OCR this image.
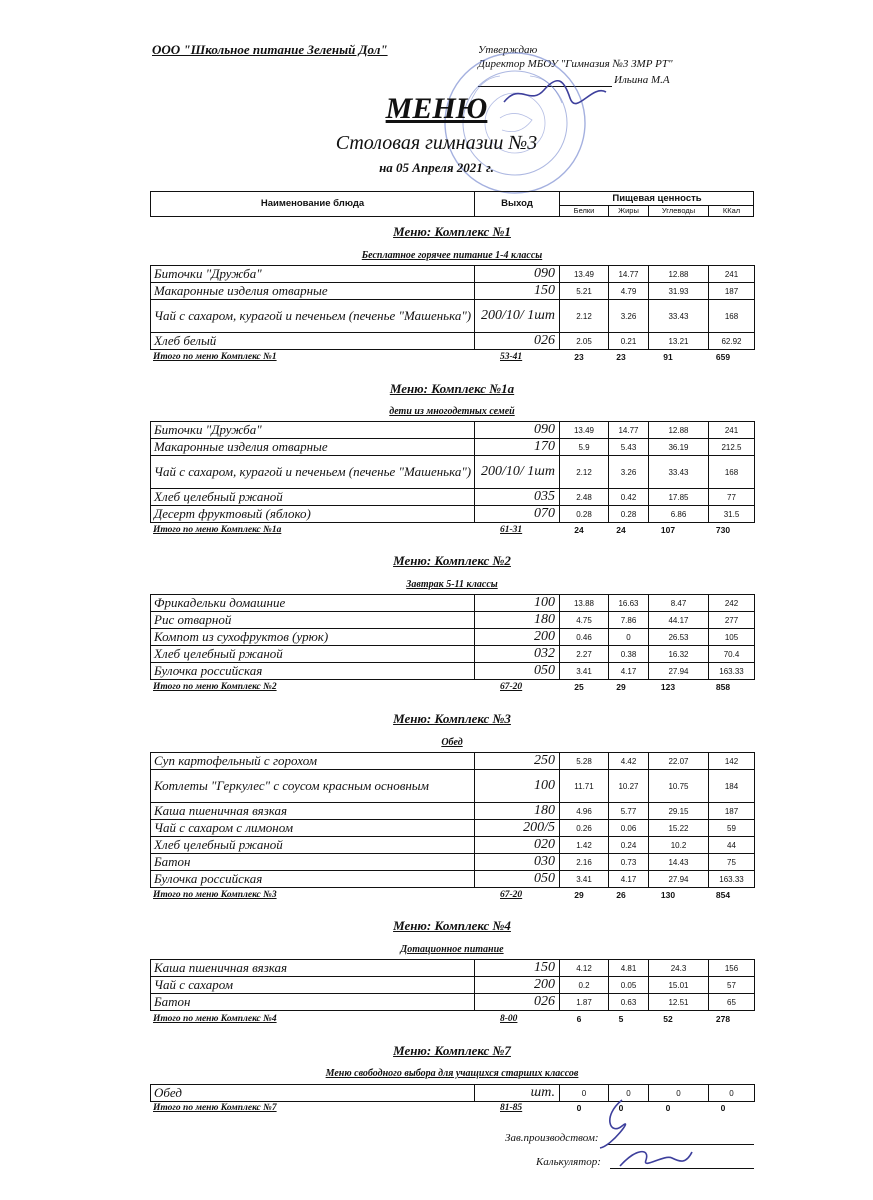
ООО "Школьное питание Зеленый Дол"	Утверждаю
Директор МБОУ "Гимназия №3 ЗМР РТ"
Ильина М.А
МЕНЮ
Столовая гимназии №3
на 05 Апреля 2021 г.
Наименование блюда	Выход	Пищевая ценность
Белки	Жиры	Углеводы	ККал
Меню: Комплекс №1
Бесплатное горячее питание 1-4 классы
Биточки "Дружба"	090	13.49	14.77	12.88	241
Макаронные изделия отварные	150	5.21	4.79	31.93	187
Чай с сахаром, курагой и печеньем (печенье "Машенька")	200/10/ 1шт	2.12	3.26	33.43	168
Хлеб белый	026	2.05	0.21	13.21	62.92
Итого по меню Комплекс №1	53-41	23	23	91	659
Меню: Комплекс №1а
дети из многодетных семей
Биточки "Дружба"	090	13.49	14.77	12.88	241
Макаронные изделия отварные	170	5.9	5.43	36.19	212.5
Чай с сахаром, курагой и печеньем (печенье "Машенька")	200/10/ 1шт	2.12	3.26	33.43	168
Хлеб целебный ржаной	035	2.48	0.42	17.85	77
Десерт фруктовый (яблоко)	070	0.28	0.28	6.86	31.5
Итого по меню Комплекс №1а	61-31	24	24	107	730
Меню: Комплекс №2
Завтрак 5-11 классы
Фрикадельки домашние	100	13.88	16.63	8.47	242
Рис отварной	180	4.75	7.86	44.17	277
Компот из сухофруктов (урюк)	200	0.46	0	26.53	105
Хлеб целебный ржаной	032	2.27	0.38	16.32	70.4
Булочка российская	050	3.41	4.17	27.94	163.33
Итого по меню Комплекс №2	67-20	25	29	123	858
Меню: Комплекс №3
Обед
Суп картофельный с горохом	250	5.28	4.42	22.07	142
Котлеты "Геркулес" с соусом красным основным	100	11.71	10.27	10.75	184
Каша пшеничная вязкая	180	4.96	5.77	29.15	187
Чай с сахаром с лимоном	200/5	0.26	0.06	15.22	59
Хлеб целебный ржаной	020	1.42	0.24	10.2	44
Батон	030	2.16	0.73	14.43	75
Булочка российская	050	3.41	4.17	27.94	163.33
Итого по меню Комплекс №3	67-20	29	26	130	854
Меню: Комплекс №4
Дотационное питание
Каша пшеничная вязкая	150	4.12	4.81	24.3	156
Чай с сахаром	200	0.2	0.05	15.01	57
Батон	026	1.87	0.63	12.51	65
Итого по меню Комплекс №4	8-00	6	5	52	278
Меню: Комплекс №7
Меню свободного выбора для учащихся старших классов
Обед	шт.	0	0	0	0
Итого по меню Комплекс №7	81-85	0	0	0	0
Зав.производством:
Калькулятор:
